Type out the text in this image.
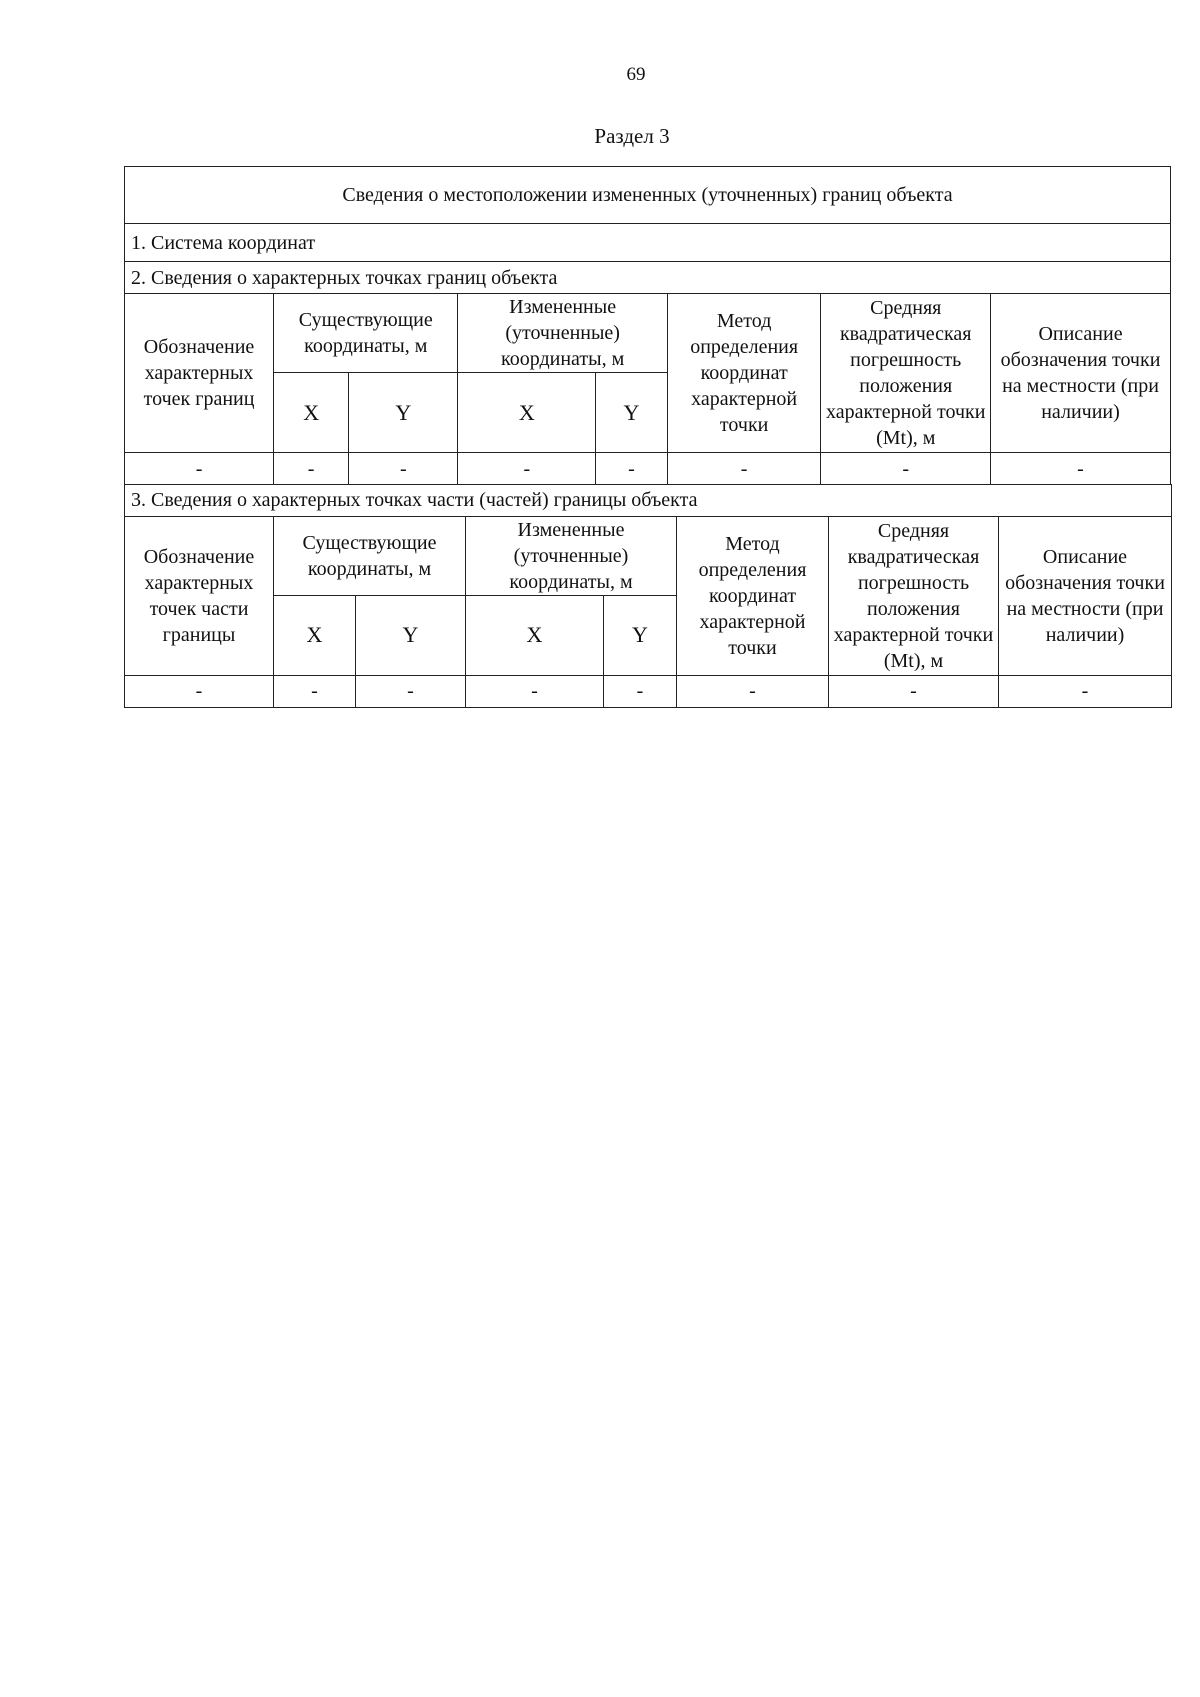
69
Раздел 3
Сведения о местоположении измененных (уточненных) границ объекта							
1. Система координат							
2. Сведения о характерных точках границ объекта							
Обозначение характерных точек границ	Существующие координаты, м		Измененные (уточненные) координаты, м		Метод определения координат характерной точки	Средняя квадратическая погрешность положения характерной точки (Mt), м	Описание обозначения точки на местности (при наличии)
	X	Y	X	Y			
-	-	-	-	-	-	-	-
3. Сведения о характерных точках части (частей) границы объекта							
Обозначение характерных точек части границы	Существующие координаты, м		Измененные (уточненные) координаты, м		Метод определения координат характерной точки	Средняя квадратическая погрешность положения характерной точки (Mt), м	Описание обозначения точки на местности (при наличии)
	X	Y	X	Y			
-	-	-	-	-	-	-	-
